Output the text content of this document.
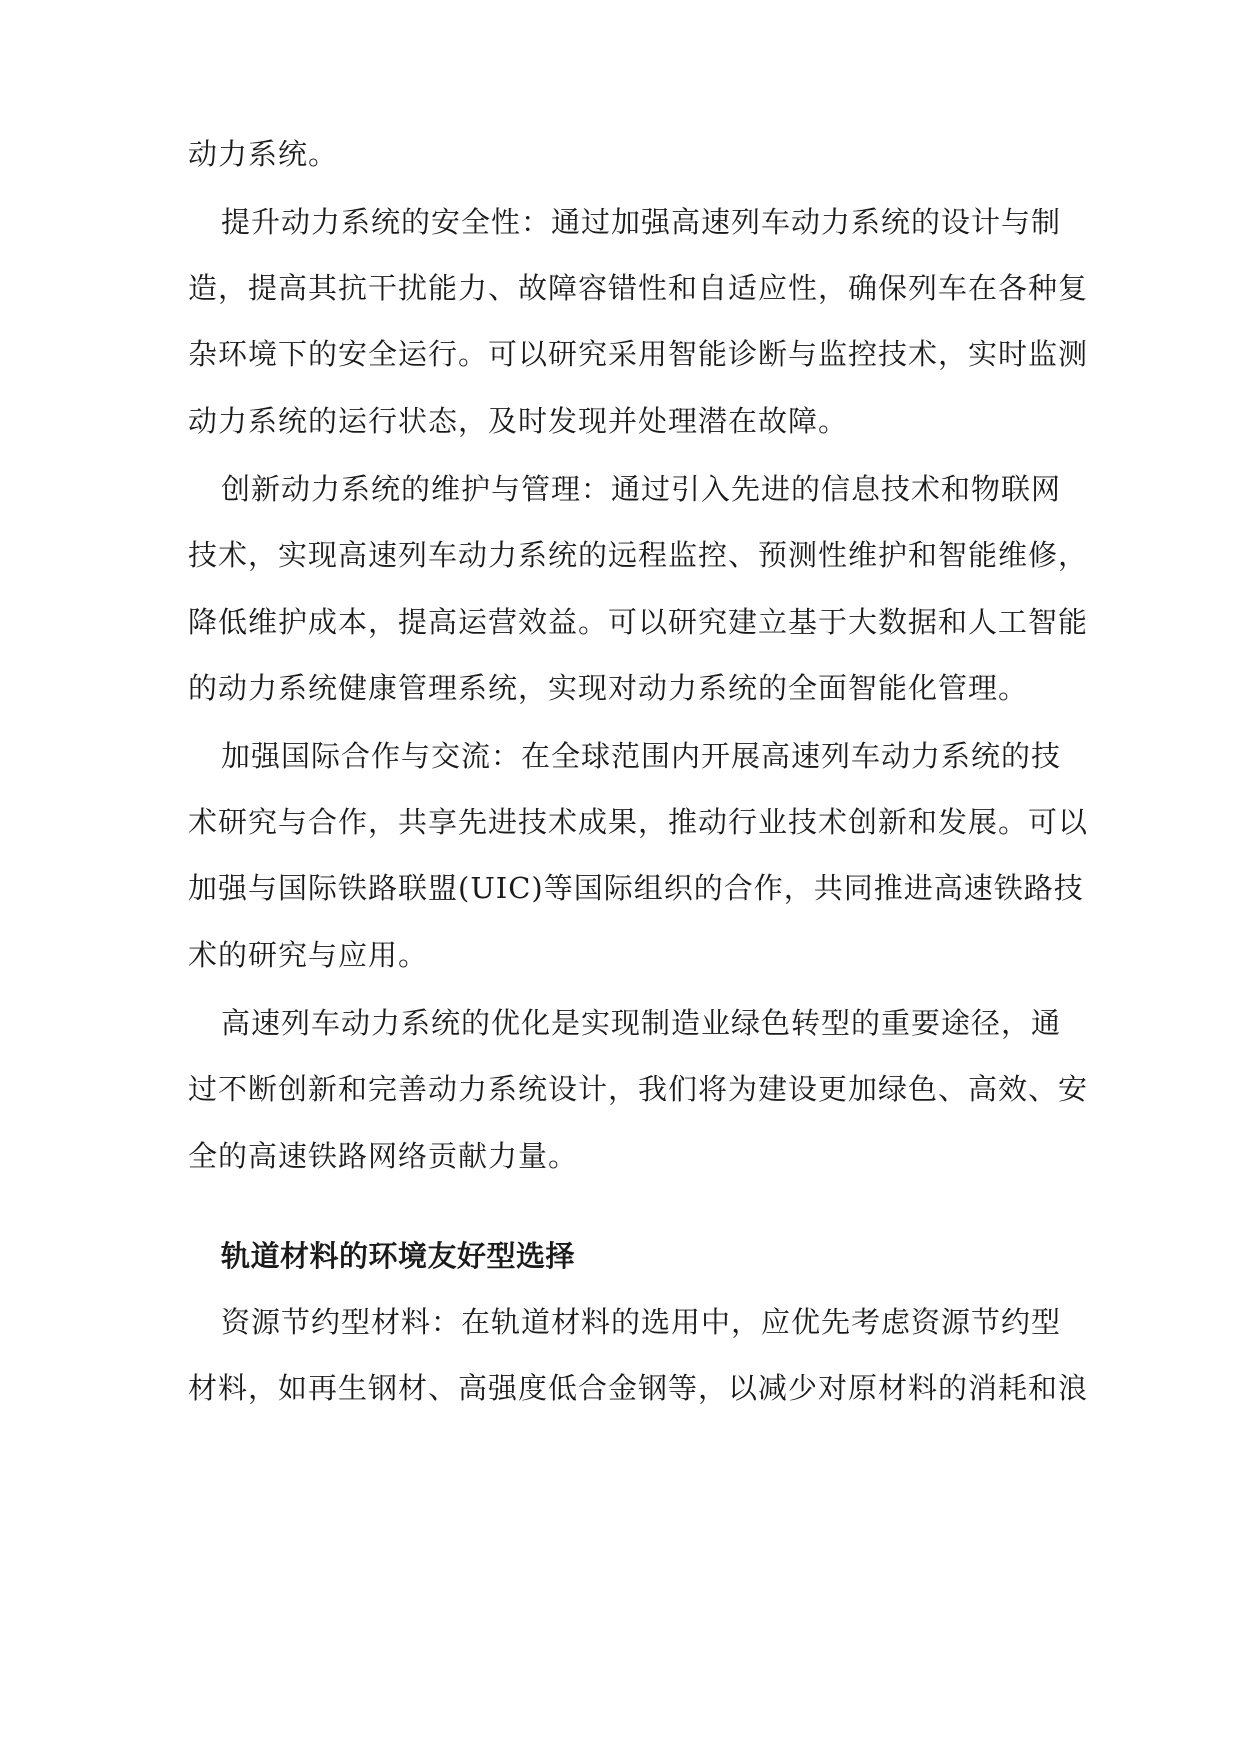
动力系统。
提升动力系统的安全性：通过加强高速列车动力系统的设计与制
造，提高其抗干扰能力、故障容错性和自适应性，确保列车在各种复
杂环境下的安全运行。可以研究采用智能诊断与监控技术，实时监测
动力系统的运行状态，及时发现并处理潜在故障。
创新动力系统的维护与管理：通过引入先进的信息技术和物联网
技术，实现高速列车动力系统的远程监控、预测性维护和智能维修，
降低维护成本，提高运营效益。可以研究建立基于大数据和人工智能
的动力系统健康管理系统，实现对动力系统的全面智能化管理。
加强国际合作与交流：在全球范围内开展高速列车动力系统的技
术研究与合作，共享先进技术成果，推动行业技术创新和发展。可以
加强与国际铁路联盟(UIC)等国际组织的合作，共同推进高速铁路技
术的研究与应用。
高速列车动力系统的优化是实现制造业绿色转型的重要途径，通
过不断创新和完善动力系统设计，我们将为建设更加绿色、高效、安
全的高速铁路网络贡献力量。
轨道材料的环境友好型选择
资源节约型材料：在轨道材料的选用中，应优先考虑资源节约型
材料，如再生钢材、高强度低合金钢等，以减少对原材料的消耗和浪
